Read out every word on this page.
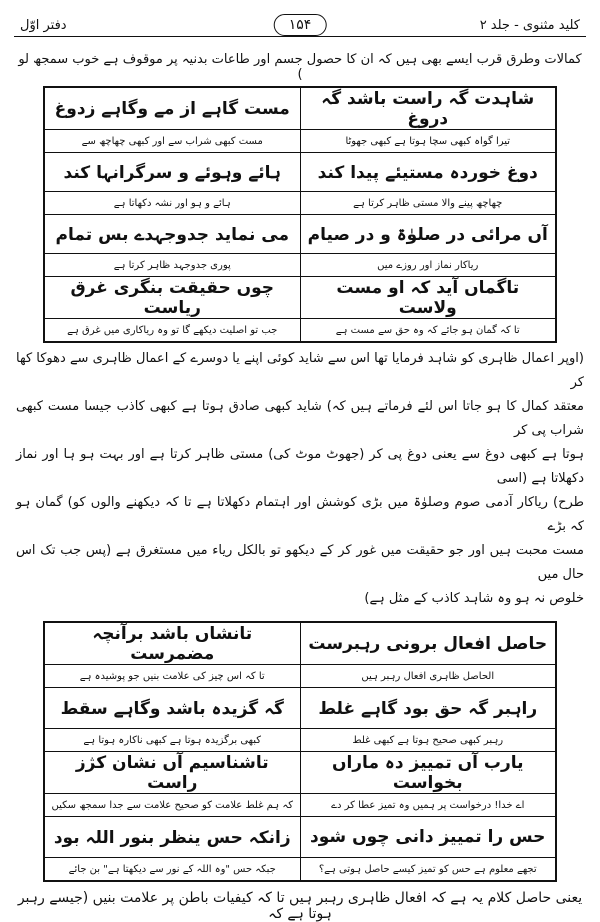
کلید مثنوی - جلد ۲
۱۵۴
دفتر اوّل
کمالات وطرق قرب ایسے بھی ہیں کہ ان کا حصول جسم اور طاعات بدنیہ پر موقوف ہے خوب سمجھ لو )
شاہدت گہ راست باشد گہ دروغ	مست گاہے از مے وگاہے زدوغ
تیرا گواہ کبھی سچا ہوتا ہے کبھی جھوٹا	مست کبھی شراب سے اور کبھی چھاچھ سے
دوغ خوردہ مستیئے پیدا کند	ہائے وہوئے و سرگرانہا کند
چھاچھ پینے والا مستی ظاہر کرتا ہے	ہائے و ہو اور نشہ دکھاتا ہے
آں مرائی در صلوٰۃ و در صیام	می نماید جدوجہدے بس تمام
ریاکار نماز اور روزے میں	پوری جدوجہد ظاہر کرتا ہے
تاگماں آید کہ او مست ولاست	چوں حقیقت بنگری غرق ریاست
تا کہ گمان ہو جائے کہ وہ حق سے مست ہے	جب تو اصلیت دیکھے گا تو وہ ریاکاری میں غرق ہے
(اوپر اعمال ظاہری کو شاہد فرمایا تھا اس سے شاید کوئی اپنے یا دوسرے کے اعمال ظاہری سے دھوکا کھا کر
معتقد کمال کا ہو جاتا اس لئے فرماتے ہیں کہ) شاید کبھی صادق ہوتا ہے کبھی کاذب جیسا مست کبھی شراب پی کر
ہوتا ہے کبھی دوغ سے یعنی دوغ پی کر (جھوٹ موٹ کی) مستی ظاہر کرتا ہے اور بہت ہو ہا اور نماز دکھلاتا ہے (اسی
طرح) ریاکار آدمی صوم وصلوٰۃ میں بڑی کوشش اور اہتمام دکھلاتا ہے تا کہ دیکھنے والوں کو) گمان ہو کہ بڑے
مست محبت ہیں اور جو حقیقت میں غور کر کے دیکھو تو بالکل ریاء میں مستغرق ہے (پس جب تک اس حال میں
خلوص نہ ہو وہ شاہد کاذب کے مثل ہے)
حاصل افعال برونی رہبرست	تانشاں باشد برآنچہ مضمرست
الحاصل ظاہری افعال رہبر ہیں	تا کہ اس چیز کی علامت بنیں جو پوشیدہ ہے
راہبر گہ حق بود گاہے غلط	گہ گزیدہ باشد وگاہے سقط
رہبر کبھی صحیح ہوتا ہے کبھی غلط	کبھی برگزیدہ ہوتا ہے کبھی ناکارہ ہوتا ہے
یارب آں تمییز دہ ماراں بخواست	تاشناسیم آں نشان کژز راست
اے خدا! درخواست پر ہمیں وہ تمیز عطا کر دے	کہ ہم غلط علامت کو صحیح علامت سے جدا سمجھ سکیں
حس را تمییز دانی چوں شود	زانکہ حس ینظر بنور اللہ بود
تجھے معلوم ہے حس کو تمیز کیسے حاصل ہوتی ہے؟	جبکہ حس "وہ اللہ کے نور سے دیکھتا ہے" بن جائے
یعنی حاصل کلام یہ ہے کہ افعال ظاہری رہبر ہیں تا کہ کیفیات باطن پر علامت بنیں (جیسے رہبر ہوتا ہے کہ
